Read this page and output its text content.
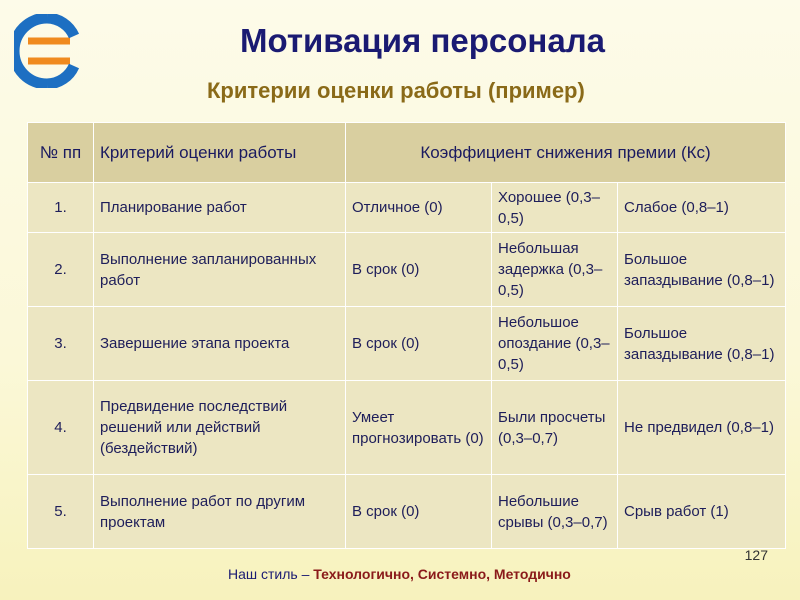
Мотивация персонала
Критерии оценки работы (пример)
№ пп	Критерий оценки работы	Коэффициент снижения премии (Кс)		
1.	Планирование работ	Отличное (0)	Хорошее (0,3–0,5)	Слабое (0,8–1)
2.	Выполнение запланированных работ	В срок (0)	Небольшая задержка (0,3–0,5)	Большое запаздывание (0,8–1)
3.	Завершение этапа проекта	В срок (0)	Небольшое опоздание (0,3–0,5)	Большое запаздывание (0,8–1)
4.	Предвидение последствий решений или действий (бездействий)	Умеет прогнозировать (0)	Были просчеты (0,3–0,7)	Не предвидел (0,8–1)
5.	Выполнение работ по другим проектам	В срок (0)	Небольшие срывы (0,3–0,7)	Срыв работ (1)
127
Наш стиль – Технологично, Системно, Методично
